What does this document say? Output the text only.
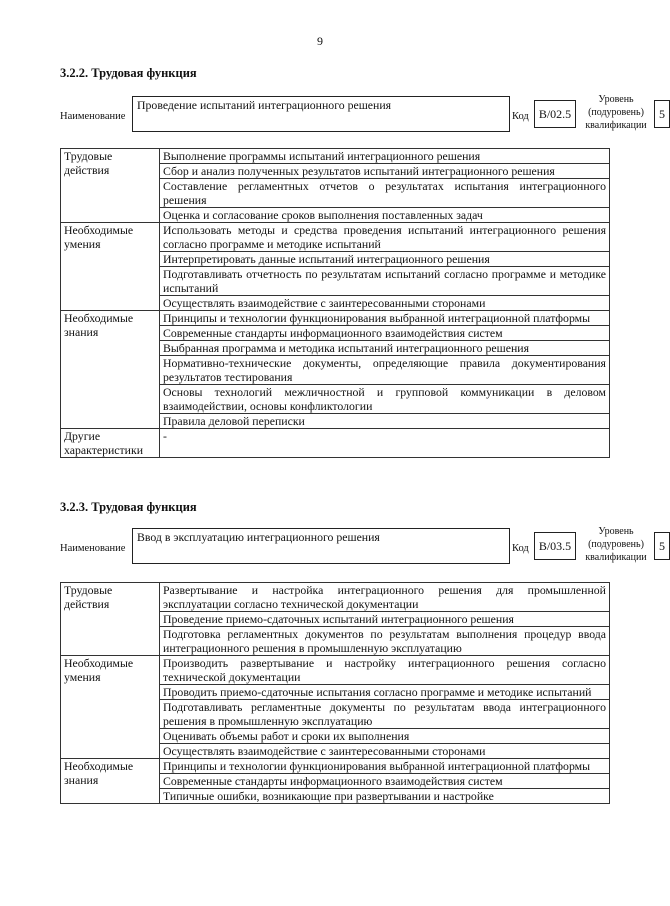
9
3.2.2. Трудовая функция
Наименование
Проведение испытаний интеграционного решения
Код B/02.5
Уровень (подуровень) квалификации
5
Трудовые действия	Выполнение программы испытаний интеграционного решения
	Сбор и анализ полученных результатов испытаний интеграционного решения
	Составление регламентных отчетов о результатах испытания интеграционного решения
	Оценка и согласование сроков выполнения поставленных задач
Необходимые умения	Использовать методы и средства проведения испытаний интеграционного решения согласно программе и методике испытаний
	Интерпретировать данные испытаний интеграционного решения
	Подготавливать отчетность по результатам испытаний согласно программе и методике испытаний
	Осуществлять взаимодействие с заинтересованными сторонами
Необходимые знания	Принципы и технологии функционирования выбранной интеграционной платформы
	Современные стандарты информационного взаимодействия систем
	Выбранная программа и методика испытаний интеграционного решения
	Нормативно-технические документы, определяющие правила документирования результатов тестирования
	Основы технологий межличностной и групповой коммуникации в деловом взаимодействии, основы конфликтологии
	Правила деловой переписки
Другие характеристики	-
3.2.3. Трудовая функция
Наименование
Ввод в эксплуатацию интеграционного решения
Код B/03.5
Уровень (подуровень) квалификации
5
Трудовые действия	Развертывание и настройка интеграционного решения для промышленной эксплуатации согласно технической документации
	Проведение приемо-сдаточных испытаний интеграционного решения
	Подготовка регламентных документов по результатам выполнения процедур ввода интеграционного решения в промышленную эксплуатацию
Необходимые умения	Производить развертывание и настройку интеграционного решения согласно технической документации
	Проводить приемо-сдаточные испытания согласно программе и методике испытаний
	Подготавливать регламентные документы по результатам ввода интеграционного решения в промышленную эксплуатацию
	Оценивать объемы работ и сроки их выполнения
	Осуществлять взаимодействие с заинтересованными сторонами
Необходимые знания	Принципы и технологии функционирования выбранной интеграционной платформы
	Современные стандарты информационного взаимодействия систем
	Типичные ошибки, возникающие при развертывании и настройке
